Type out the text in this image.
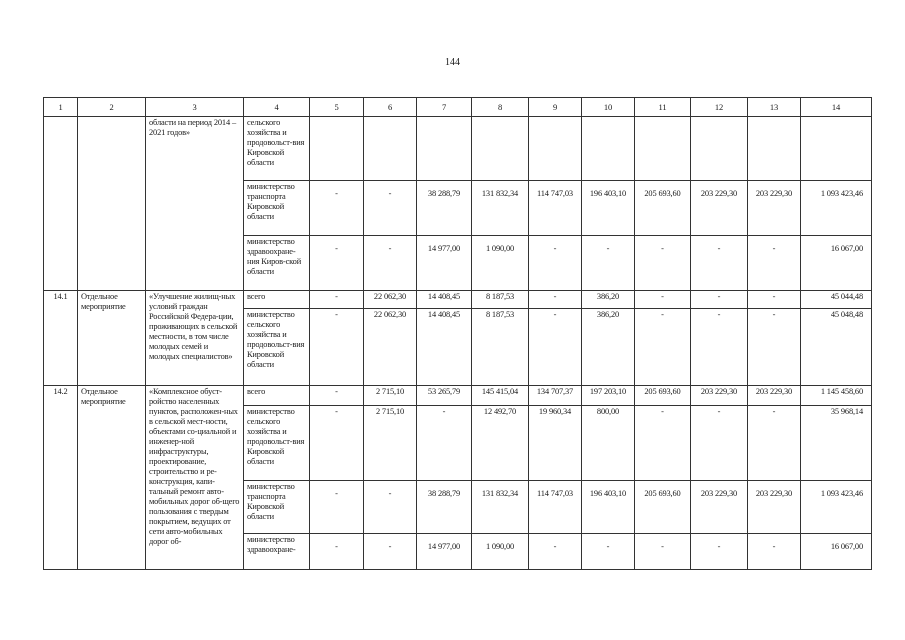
144
1	2	3	4	5	6	7	8	9	10	11	12	13	14
		области на период 2014 – 2021 годов»	сельского хозяйства и продовольст-вия Кировской области										
			министерство транспорта Кировской области	-	-	38 288,79	131 832,34	114 747,03	196 403,10	205 693,60	203 229,30	203 229,30	1 093 423,46
			министерство здравоохране-ния Киров-ской области	-	-	14 977,00	1 090,00	-	-	-	-	-	16 067,00
14.1	Отдельное мероприятие	«Улучшение жилищ-ных условий граждан Российской Федера-ции, проживающих в сельской местности, в том числе молодых семей и молодых специалистов»	всего	-	22 062,30	14 408,45	8 187,53	-	386,20	-	-	-	45 044,48
			министерство сельского хозяйства и продовольст-вия Кировской области	-	22 062,30	14 408,45	8 187,53	-	386,20	-	-	-	45 048,48
14.2	Отдельное мероприятие	«Комплексное обуст-ройство населенных пунктов, расположен-ных в сельской мест-ности, объектами со-циальной и инженер-ной инфраструктуры, проектирование, строительство и ре-конструкция, капи-тальный ремонт авто-мобильных дорог об-щего пользования с твердым покрытием, ведущих от сети авто-мобильных дорог об-	всего	-	2 715,10	53 265,79	145 415,04	134 707,37	197 203,10	205 693,60	203 229,30	203 229,30	1 145 458,60
			министерство сельского хозяйства и продовольст-вия Кировской области	-	2 715,10	-	12 492,70	19 960,34	800,00	-	-	-	35 968,14
			министерство транспорта Кировской области	-	-	38 288,79	131 832,34	114 747,03	196 403,10	205 693,60	203 229,30	203 229,30	1 093 423,46
			министерство здравоохране-	-	-	14 977,00	1 090,00	-	-	-	-	-	16 067,00
